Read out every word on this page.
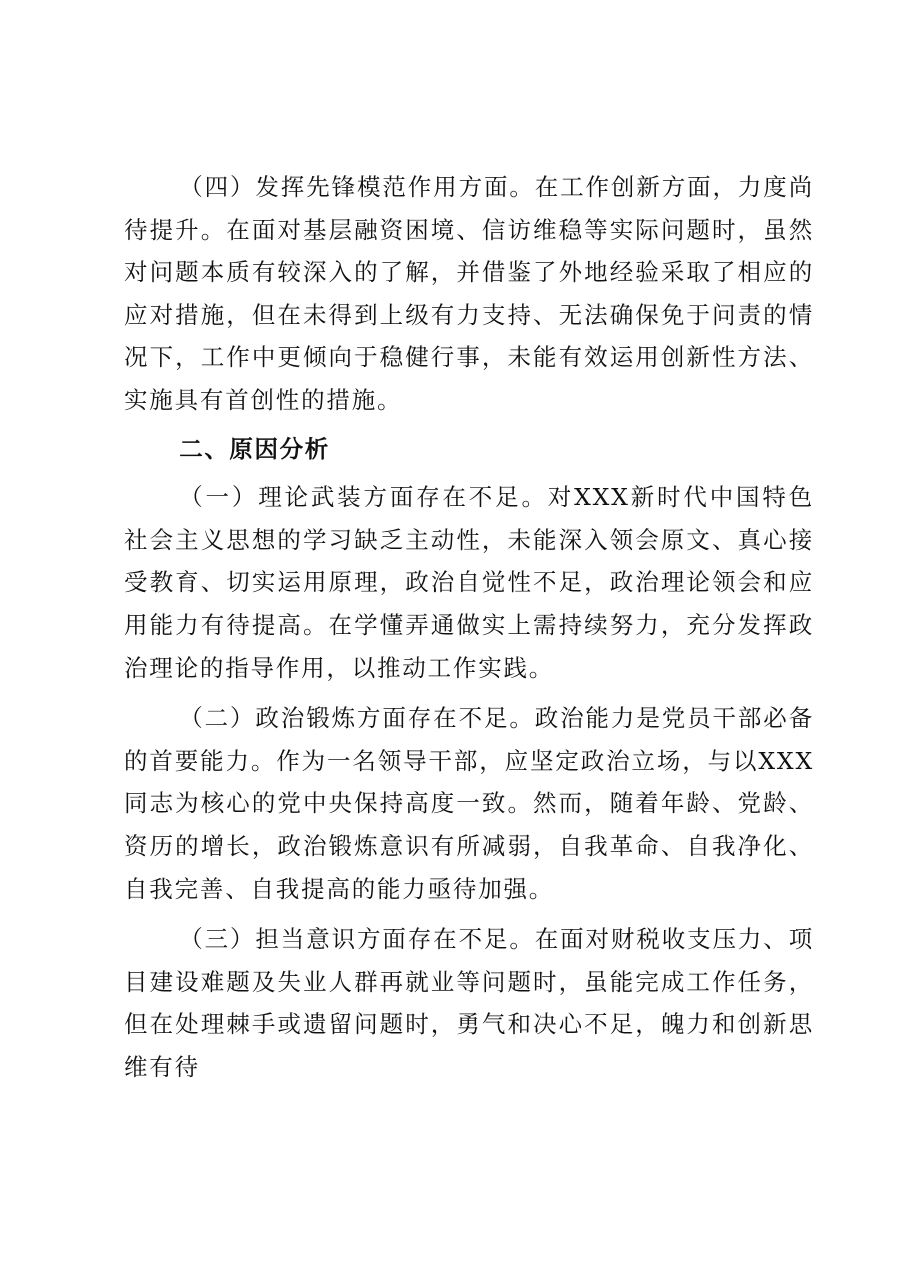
（四）发挥先锋模范作用方面。在工作创新方面，力度尚待提升。在面对基层融资困境、信访维稳等实际问题时，虽然对问题本质有较深入的了解，并借鉴了外地经验采取了相应的应对措施，但在未得到上级有力支持、无法确保免于问责的情况下，工作中更倾向于稳健行事，未能有效运用创新性方法、实施具有首创性的措施。

二、原因分析

（一）理论武装方面存在不足。对XXX新时代中国特色社会主义思想的学习缺乏主动性，未能深入领会原文、真心接受教育、切实运用原理，政治自觉性不足，政治理论领会和应用能力有待提高。在学懂弄通做实上需持续努力，充分发挥政治理论的指导作用，以推动工作实践。

（二）政治锻炼方面存在不足。政治能力是党员干部必备的首要能力。作为一名领导干部，应坚定政治立场，与以XXX同志为核心的党中央保持高度一致。然而，随着年龄、党龄、资历的增长，政治锻炼意识有所减弱，自我革命、自我净化、自我完善、自我提高的能力亟待加强。

（三）担当意识方面存在不足。在面对财税收支压力、项目建设难题及失业人群再就业等问题时，虽能完成工作任务，但在处理棘手或遗留问题时，勇气和决心不足，魄力和创新思维有待
